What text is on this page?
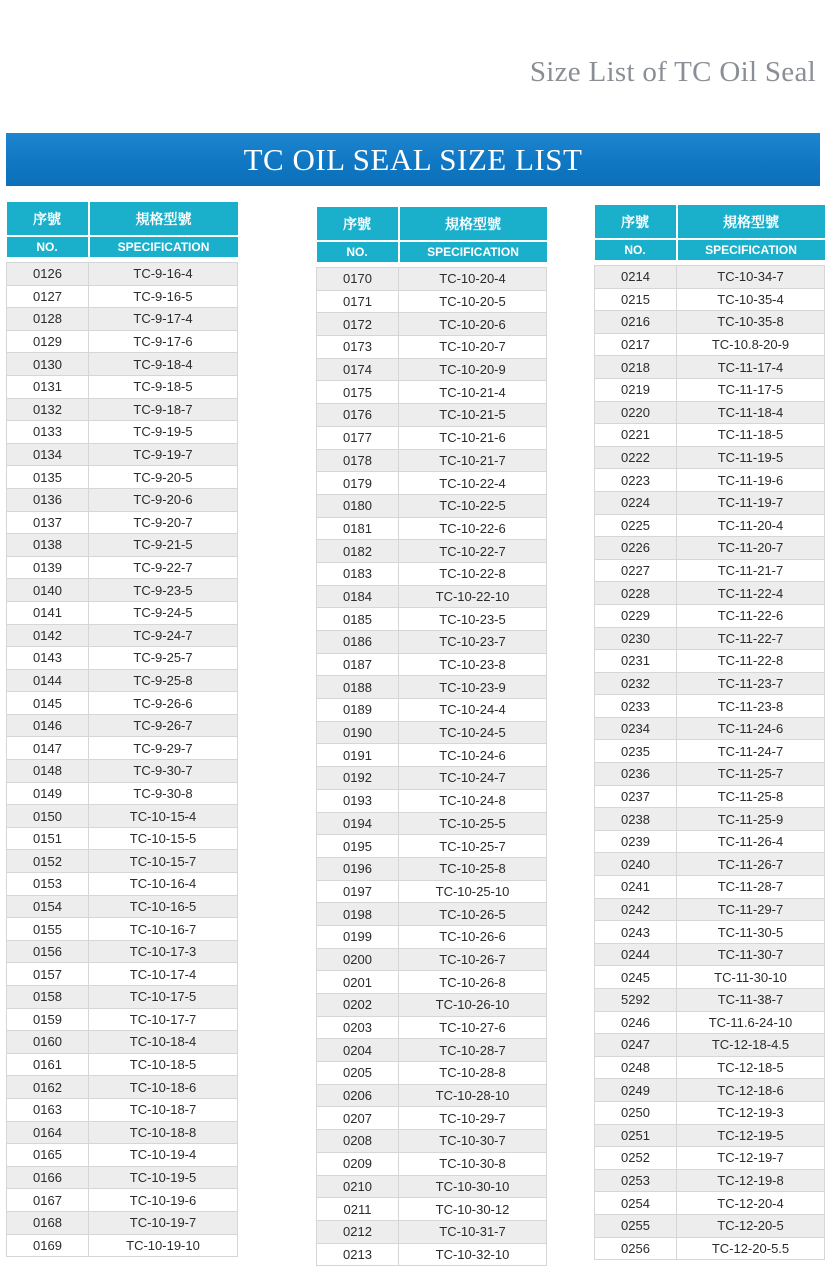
Size List of TC Oil Seal
TC OIL SEAL SIZE LIST
序號	規格型號
NO.	SPECIFICATION

0126	TC-9-16-4
0127	TC-9-16-5
0128	TC-9-17-4
0129	TC-9-17-6
0130	TC-9-18-4
0131	TC-9-18-5
0132	TC-9-18-7
0133	TC-9-19-5
0134	TC-9-19-7
0135	TC-9-20-5
0136	TC-9-20-6
0137	TC-9-20-7
0138	TC-9-21-5
0139	TC-9-22-7
0140	TC-9-23-5
0141	TC-9-24-5
0142	TC-9-24-7
0143	TC-9-25-7
0144	TC-9-25-8
0145	TC-9-26-6
0146	TC-9-26-7
0147	TC-9-29-7
0148	TC-9-30-7
0149	TC-9-30-8
0150	TC-10-15-4
0151	TC-10-15-5
0152	TC-10-15-7
0153	TC-10-16-4
0154	TC-10-16-5
0155	TC-10-16-7
0156	TC-10-17-3
0157	TC-10-17-4
0158	TC-10-17-5
0159	TC-10-17-7
0160	TC-10-18-4
0161	TC-10-18-5
0162	TC-10-18-6
0163	TC-10-18-7
0164	TC-10-18-8
0165	TC-10-19-4
0166	TC-10-19-5
0167	TC-10-19-6
0168	TC-10-19-7
0169	TC-10-19-10
序號	規格型號
NO.	SPECIFICATION

0170	TC-10-20-4
0171	TC-10-20-5
0172	TC-10-20-6
0173	TC-10-20-7
0174	TC-10-20-9
0175	TC-10-21-4
0176	TC-10-21-5
0177	TC-10-21-6
0178	TC-10-21-7
0179	TC-10-22-4
0180	TC-10-22-5
0181	TC-10-22-6
0182	TC-10-22-7
0183	TC-10-22-8
0184	TC-10-22-10
0185	TC-10-23-5
0186	TC-10-23-7
0187	TC-10-23-8
0188	TC-10-23-9
0189	TC-10-24-4
0190	TC-10-24-5
0191	TC-10-24-6
0192	TC-10-24-7
0193	TC-10-24-8
0194	TC-10-25-5
0195	TC-10-25-7
0196	TC-10-25-8
0197	TC-10-25-10
0198	TC-10-26-5
0199	TC-10-26-6
0200	TC-10-26-7
0201	TC-10-26-8
0202	TC-10-26-10
0203	TC-10-27-6
0204	TC-10-28-7
0205	TC-10-28-8
0206	TC-10-28-10
0207	TC-10-29-7
0208	TC-10-30-7
0209	TC-10-30-8
0210	TC-10-30-10
0211	TC-10-30-12
0212	TC-10-31-7
0213	TC-10-32-10
序號	規格型號
NO.	SPECIFICATION

0214	TC-10-34-7
0215	TC-10-35-4
0216	TC-10-35-8
0217	TC-10.8-20-9
0218	TC-11-17-4
0219	TC-11-17-5
0220	TC-11-18-4
0221	TC-11-18-5
0222	TC-11-19-5
0223	TC-11-19-6
0224	TC-11-19-7
0225	TC-11-20-4
0226	TC-11-20-7
0227	TC-11-21-7
0228	TC-11-22-4
0229	TC-11-22-6
0230	TC-11-22-7
0231	TC-11-22-8
0232	TC-11-23-7
0233	TC-11-23-8
0234	TC-11-24-6
0235	TC-11-24-7
0236	TC-11-25-7
0237	TC-11-25-8
0238	TC-11-25-9
0239	TC-11-26-4
0240	TC-11-26-7
0241	TC-11-28-7
0242	TC-11-29-7
0243	TC-11-30-5
0244	TC-11-30-7
0245	TC-11-30-10
5292	TC-11-38-7
0246	TC-11.6-24-10
0247	TC-12-18-4.5
0248	TC-12-18-5
0249	TC-12-18-6
0250	TC-12-19-3
0251	TC-12-19-5
0252	TC-12-19-7
0253	TC-12-19-8
0254	TC-12-20-4
0255	TC-12-20-5
0256	TC-12-20-5.5
